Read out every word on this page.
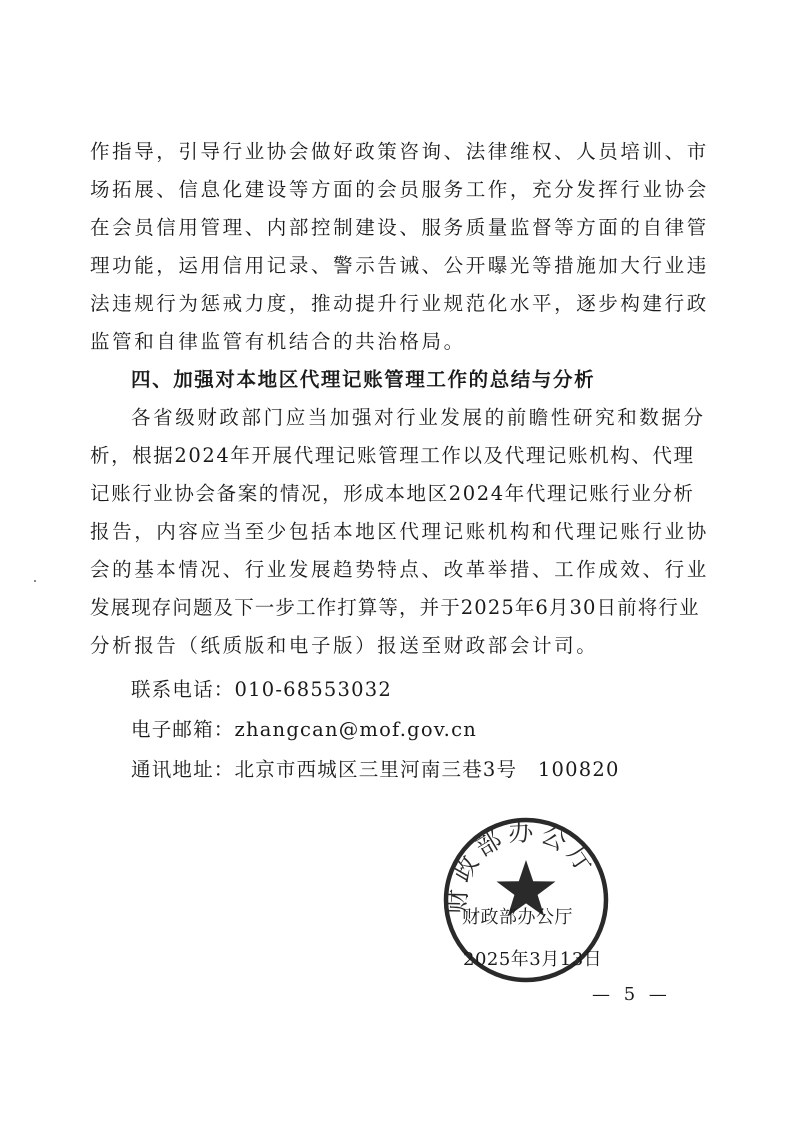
作指导，引导行业协会做好政策咨询、法律维权、人员培训、市
场拓展、信息化建设等方面的会员服务工作，充分发挥行业协会
在会员信用管理、内部控制建设、服务质量监督等方面的自律管
理功能，运用信用记录、警示告诫、公开曝光等措施加大行业违
法违规行为惩戒力度，推动提升行业规范化水平，逐步构建行政
监管和自律监管有机结合的共治格局。
四、加强对本地区代理记账管理工作的总结与分析
各省级财政部门应当加强对行业发展的前瞻性研究和数据分
析，根据2024年开展代理记账管理工作以及代理记账机构、代理
记账行业协会备案的情况，形成本地区2024年代理记账行业分析
报告，内容应当至少包括本地区代理记账机构和代理记账行业协
会的基本情况、行业发展趋势特点、改革举措、工作成效、行业
发展现存问题及下一步工作打算等，并于2025年6月30日前将行业
分析报告（纸质版和电子版）报送至财政部会计司。
联系电话：010-68553032
电子邮箱：zhangcan@mof.gov.cn
通讯地址：北京市西城区三里河南三巷3号　100820
财政部办公厅
财政部办公厅
2025年3月13日
— 5 —
